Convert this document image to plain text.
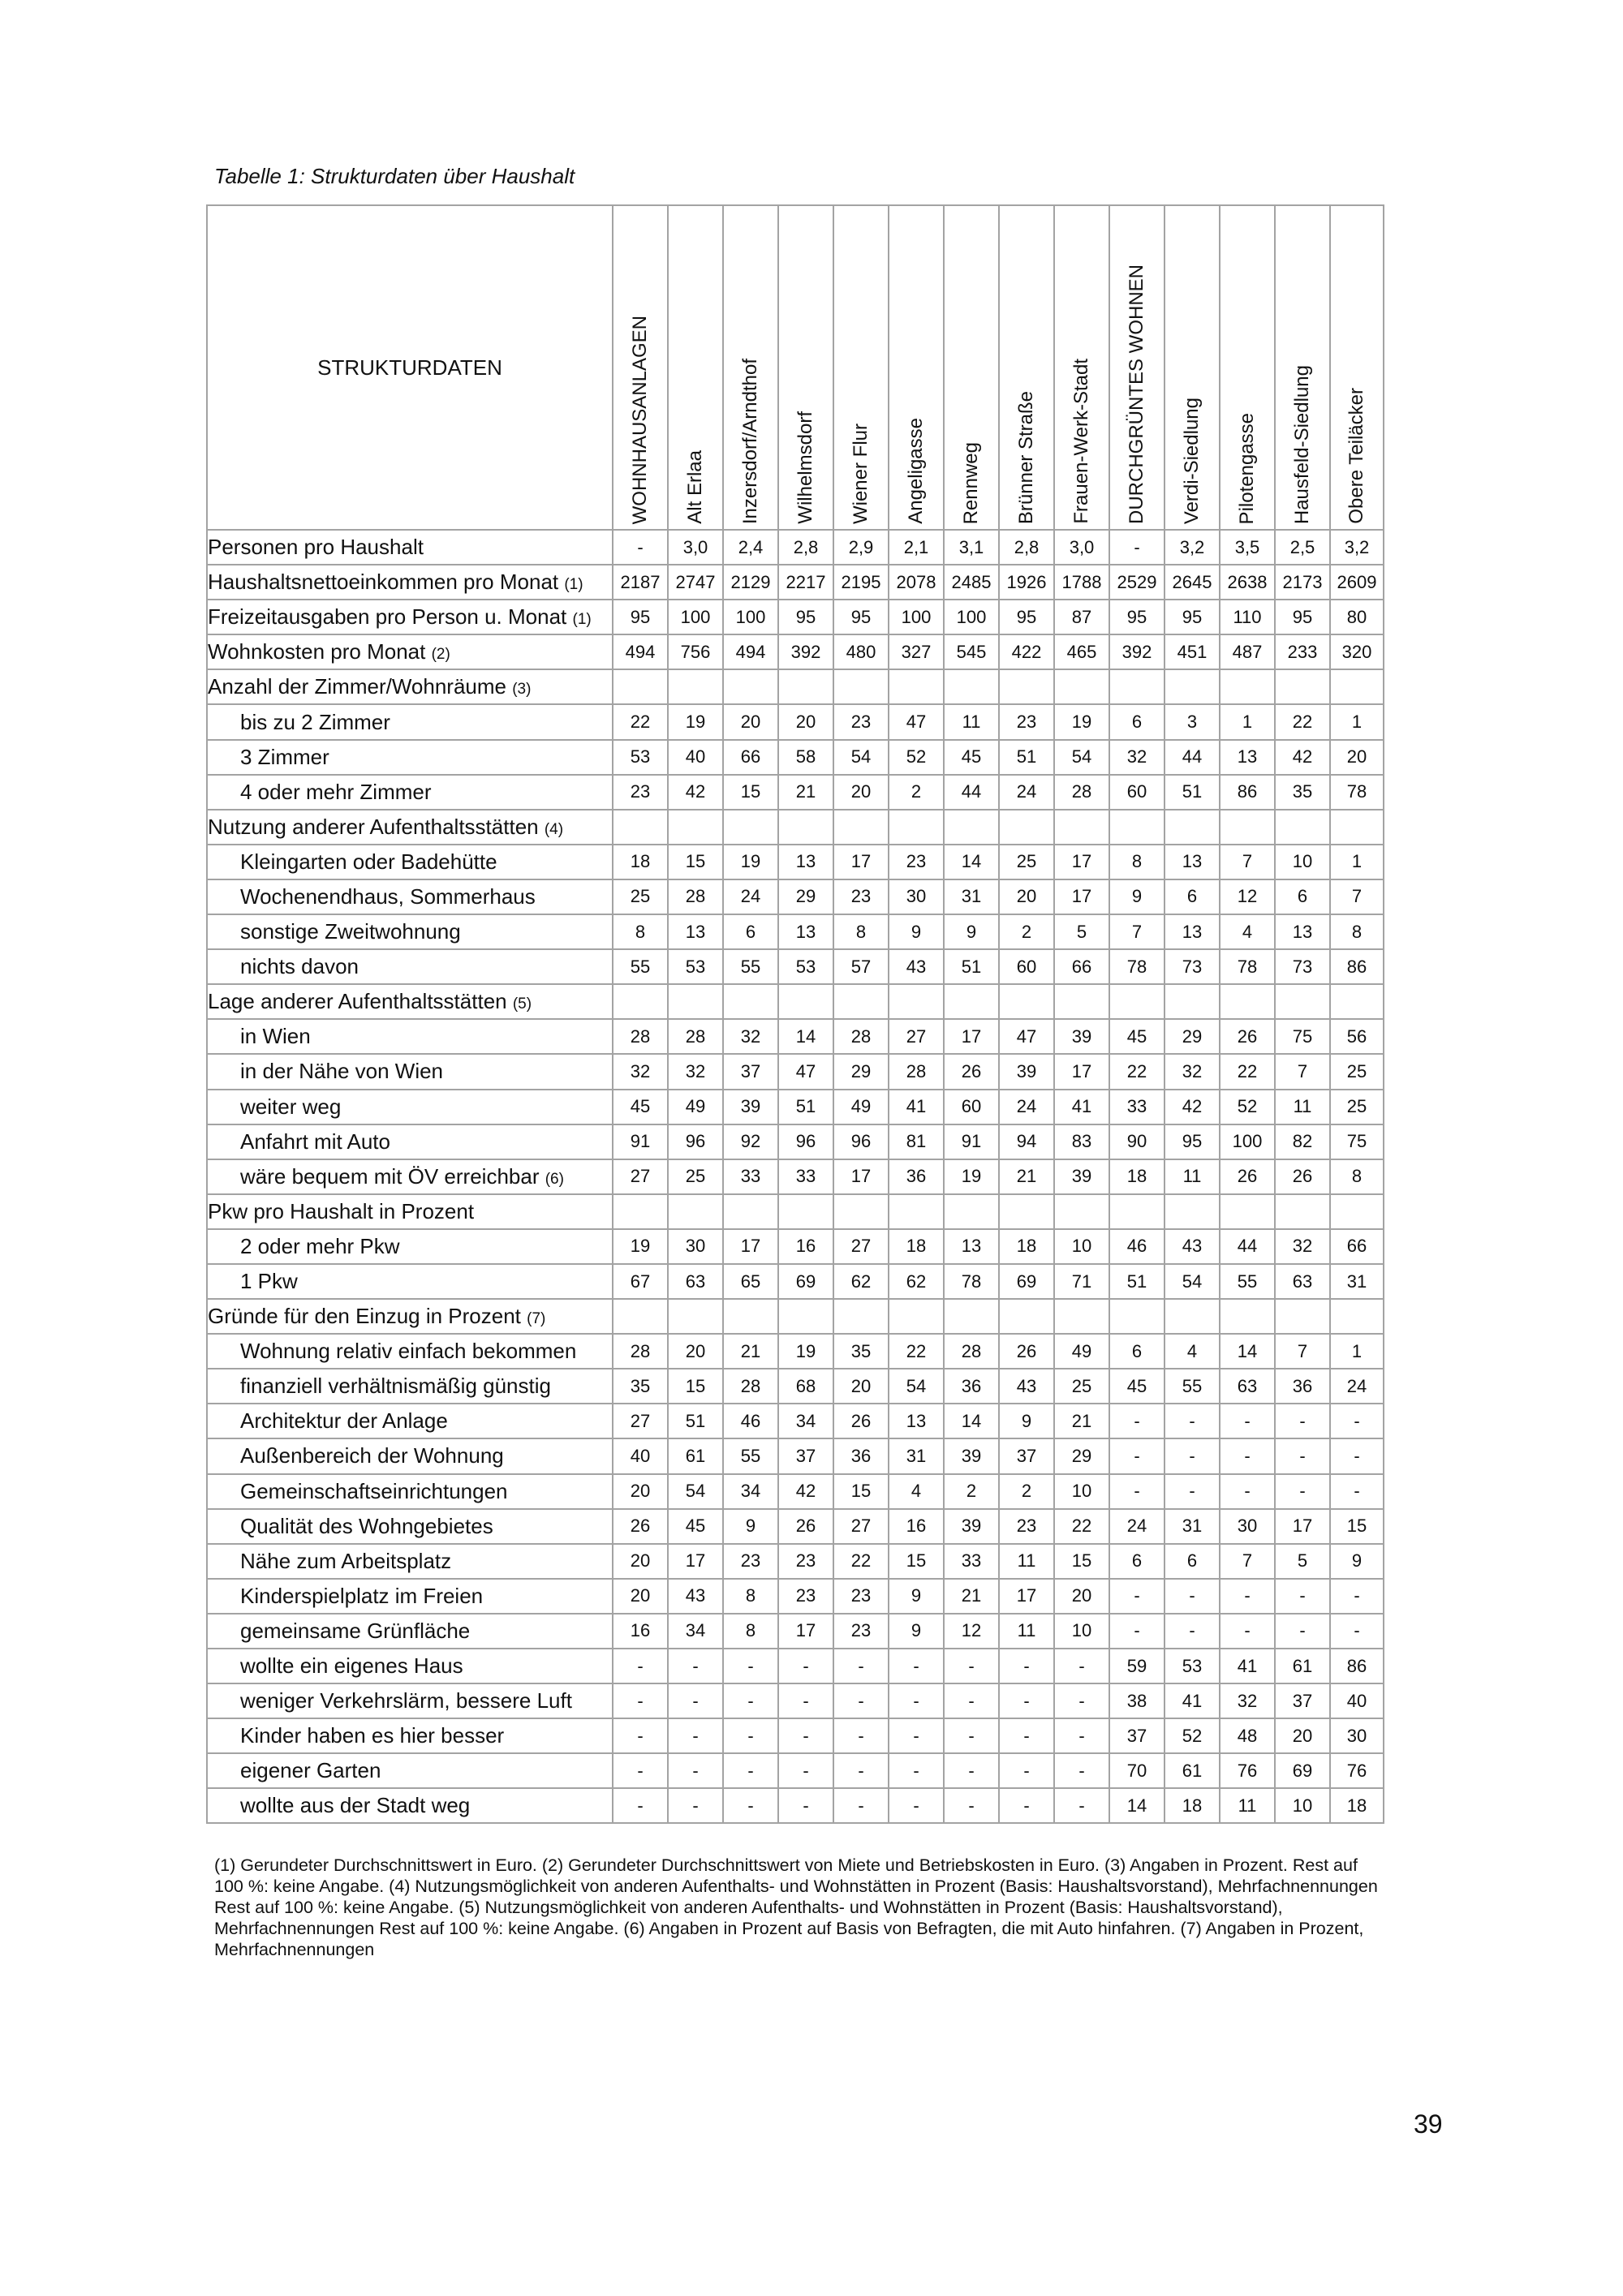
Tabelle 1: Strukturdaten über Haushalt

STRUKTURDATEN	WOHNHAUSANLAGEN	Alt Erlaa	Inzersdorf/Arndthof	Wilhelmsdorf	Wiener Flur	Angeligasse	Rennweg	Brünner Straße	Frauen-Werk-Stadt	DURCHGRÜNTES WOHNEN	Verdi-Siedlung	Pilotengasse	Hausfeld-Siedlung	Obere Teiläcker

Personen pro Haushalt	-	3,0	2,4	2,8	2,9	2,1	3,1	2,8	3,0	-	3,2	3,5	2,5	3,2
Haushaltsnettoeinkommen pro Monat (1)	2187	2747	2129	2217	2195	2078	2485	1926	1788	2529	2645	2638	2173	2609
Freizeitausgaben pro Person u. Monat (1)	95	100	100	95	95	100	100	95	87	95	95	110	95	80
Wohnkosten pro Monat (2)	494	756	494	392	480	327	545	422	465	392	451	487	233	320
Anzahl der Zimmer/Wohnräume (3)														
bis zu 2 Zimmer	22	19	20	20	23	47	11	23	19	6	3	1	22	1
3 Zimmer	53	40	66	58	54	52	45	51	54	32	44	13	42	20
4 oder mehr Zimmer	23	42	15	21	20	2	44	24	28	60	51	86	35	78
Nutzung anderer Aufenthaltsstätten (4)														
Kleingarten oder Badehütte	18	15	19	13	17	23	14	25	17	8	13	7	10	1
Wochenendhaus, Sommerhaus	25	28	24	29	23	30	31	20	17	9	6	12	6	7
sonstige Zweitwohnung	8	13	6	13	8	9	9	2	5	7	13	4	13	8
nichts davon	55	53	55	53	57	43	51	60	66	78	73	78	73	86
Lage anderer Aufenthaltsstätten (5)														
in Wien	28	28	32	14	28	27	17	47	39	45	29	26	75	56
in der Nähe von Wien	32	32	37	47	29	28	26	39	17	22	32	22	7	25
weiter weg	45	49	39	51	49	41	60	24	41	33	42	52	11	25
Anfahrt mit Auto	91	96	92	96	96	81	91	94	83	90	95	100	82	75
wäre bequem mit ÖV erreichbar (6)	27	25	33	33	17	36	19	21	39	18	11	26	26	8
Pkw pro Haushalt in Prozent														
2 oder mehr Pkw	19	30	17	16	27	18	13	18	10	46	43	44	32	66
1 Pkw	67	63	65	69	62	62	78	69	71	51	54	55	63	31
Gründe für den Einzug in Prozent (7)														
Wohnung relativ einfach bekommen	28	20	21	19	35	22	28	26	49	6	4	14	7	1
finanziell verhältnismäßig günstig	35	15	28	68	20	54	36	43	25	45	55	63	36	24
Architektur der Anlage	27	51	46	34	26	13	14	9	21	-	-	-	-	-
Außenbereich der Wohnung	40	61	55	37	36	31	39	37	29	-	-	-	-	-
Gemeinschaftseinrichtungen	20	54	34	42	15	4	2	2	10	-	-	-	-	-
Qualität des Wohngebietes	26	45	9	26	27	16	39	23	22	24	31	30	17	15
Nähe zum Arbeitsplatz	20	17	23	23	22	15	33	11	15	6	6	7	5	9
Kinderspielplatz im Freien	20	43	8	23	23	9	21	17	20	-	-	-	-	-
gemeinsame Grünfläche	16	34	8	17	23	9	12	11	10	-	-	-	-	-
wollte ein eigenes Haus	-	-	-	-	-	-	-	-	-	59	53	41	61	86
weniger Verkehrslärm, bessere Luft	-	-	-	-	-	-	-	-	-	38	41	32	37	40
Kinder haben es hier besser	-	-	-	-	-	-	-	-	-	37	52	48	20	30
eigener Garten	-	-	-	-	-	-	-	-	-	70	61	76	69	76
wollte aus der Stadt weg	-	-	-	-	-	-	-	-	-	14	18	11	10	18

(1) Gerundeter Durchschnittswert in Euro. (2) Gerundeter Durchschnittswert von Miete und Betriebskosten in Euro. (3) Angaben in Prozent. Rest auf 100 %: keine Angabe. (4) Nutzungsmöglichkeit von anderen Aufenthalts- und Wohnstätten in Prozent (Basis: Haushaltsvorstand), Mehrfachnennungen Rest auf 100 %: keine Angabe. (5) Nutzungsmöglichkeit von anderen Aufenthalts- und Wohnstätten in Prozent (Basis: Haushaltsvorstand), Mehrfachnennungen Rest auf 100 %: keine Angabe. (6) Angaben in Prozent auf Basis von Befragten, die mit Auto hinfahren. (7) Angaben in Prozent, Mehrfachnennungen

39
